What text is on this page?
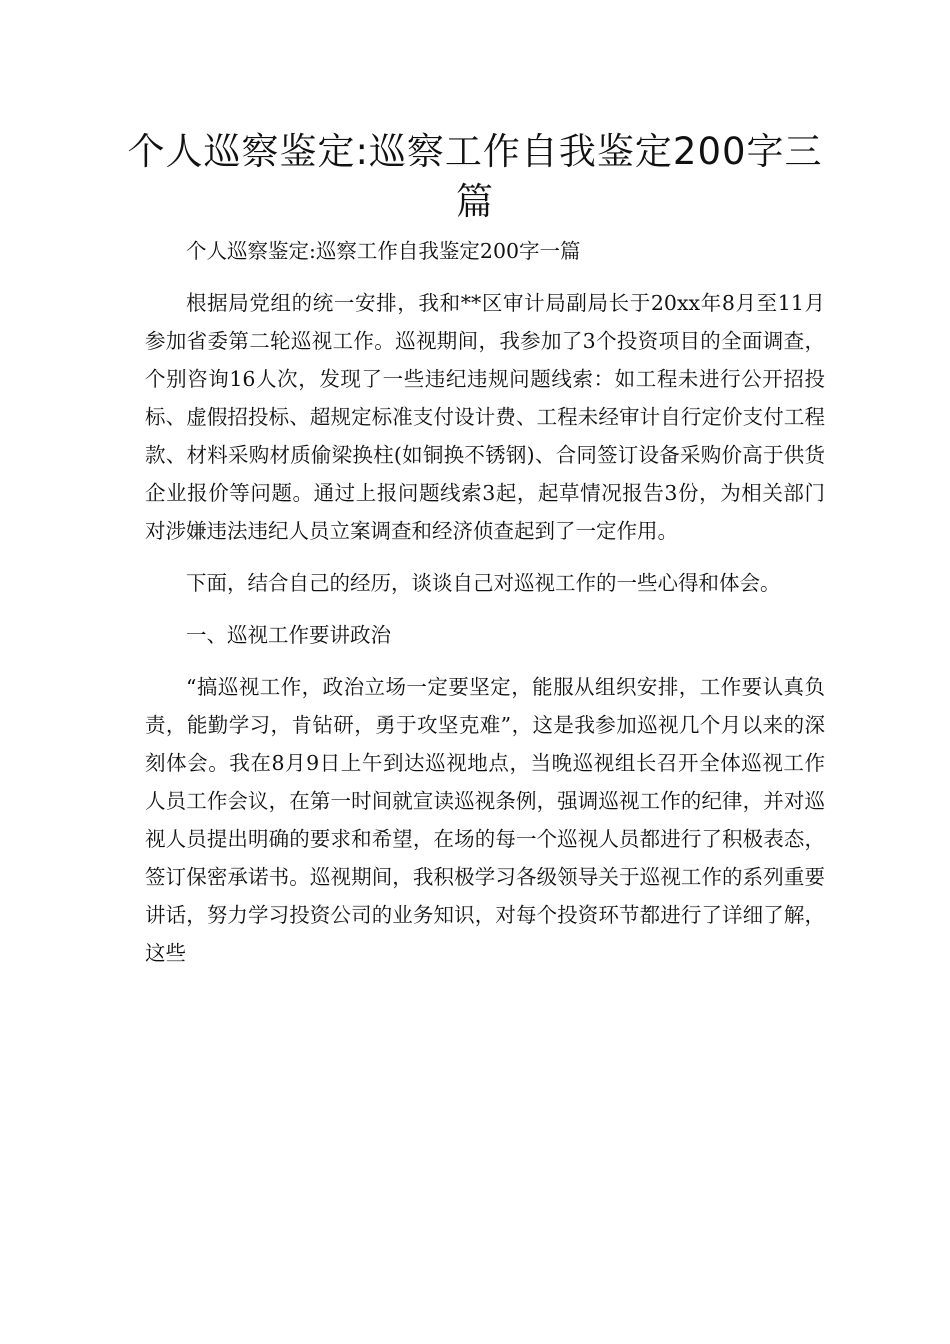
个人巡察鉴定:巡察工作自我鉴定200字三篇

个人巡察鉴定:巡察工作自我鉴定200字一篇

根据局党组的统一安排，我和**区审计局副局长于20xx年8月至11月参加省委第二轮巡视工作。巡视期间，我参加了3个投资项目的全面调查，个别咨询16人次，发现了一些违纪违规问题线索：如工程未进行公开招投标、虚假招投标、超规定标准支付设计费、工程未经审计自行定价支付工程款、材料采购材质偷梁换柱(如铜换不锈钢)、合同签订设备采购价高于供货企业报价等问题。通过上报问题线索3起，起草情况报告3份，为相关部门对涉嫌违法违纪人员立案调查和经济侦查起到了一定作用。

下面，结合自己的经历，谈谈自己对巡视工作的一些心得和体会。

一、巡视工作要讲政治

“搞巡视工作，政治立场一定要坚定，能服从组织安排，工作要认真负责，能勤学习，肯钻研，勇于攻坚克难”，这是我参加巡视几个月以来的深刻体会。我在8月9日上午到达巡视地点，当晚巡视组长召开全体巡视工作人员工作会议，在第一时间就宣读巡视条例，强调巡视工作的纪律，并对巡视人员提出明确的要求和希望，在场的每一个巡视人员都进行了积极表态，签订保密承诺书。巡视期间，我积极学习各级领导关于巡视工作的系列重要讲话，努力学习投资公司的业务知识，对每个投资环节都进行了详细了解，这些
